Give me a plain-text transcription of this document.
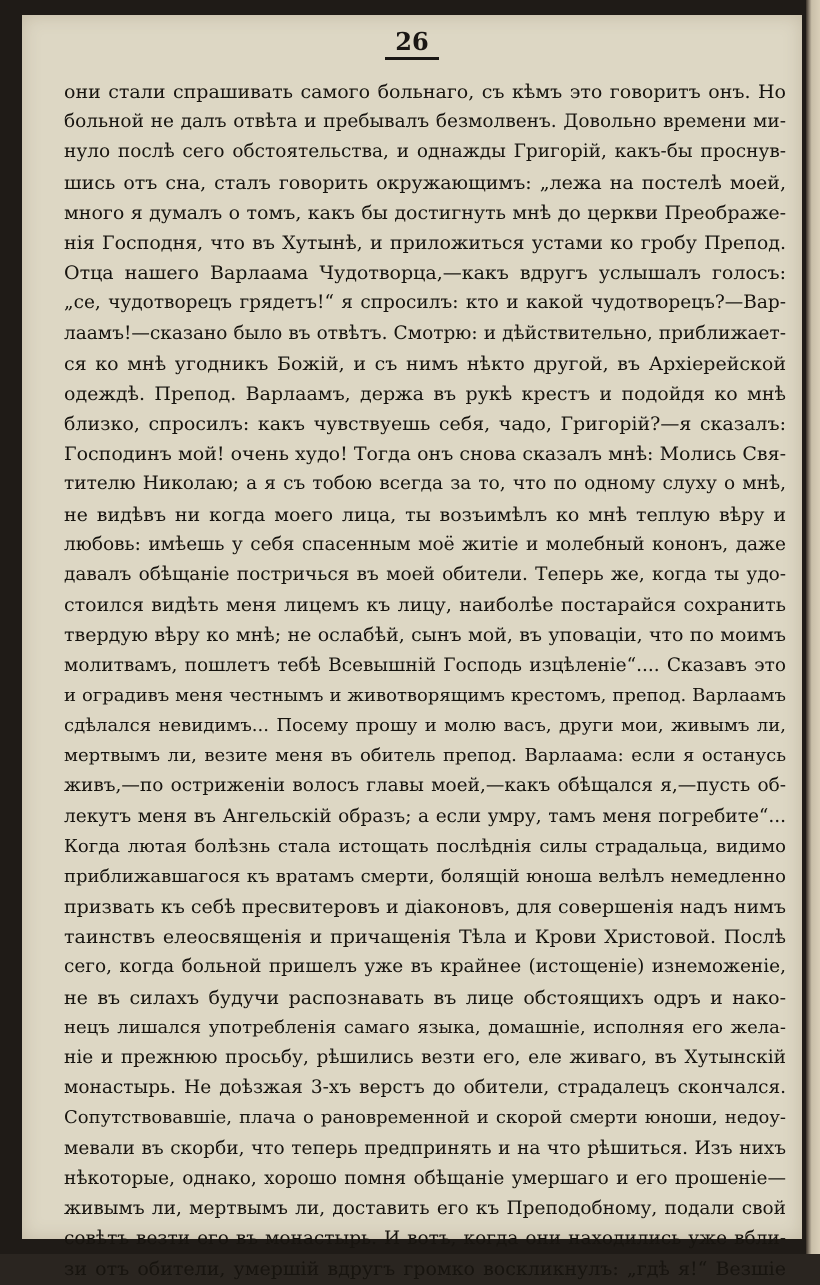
26
они стали спрашивать самого больнаго, съ кѣмъ это говоритъ онъ. Но
больной не далъ отвѣта и пребывалъ безмолвенъ. Довольно времени ми-
нуло послѣ сего обстоятельства, и однажды Григорій, какъ-бы проснув-
шись отъ сна, сталъ говорить окружающимъ: „лежа на постелѣ моей,
много я думалъ о томъ, какъ бы достигнуть мнѣ до церкви Преображе-
нія Господня, что въ Хутынѣ, и приложиться устами ко гробу Препод.
Отца нашего Варлаама Чудотворца,—какъ вдругъ услышалъ голосъ:
„се, чудотворецъ грядетъ!“ я спросилъ: кто и какой чудотворецъ?—Вар-
лаамъ!—сказано было въ отвѣтъ. Смотрю: и дѣйствительно, приближает-
ся ко мнѣ угодникъ Божій, и съ нимъ нѣкто другой, въ Архіерейской
одеждѣ. Препод. Варлаамъ, держа въ рукѣ крестъ и подойдя ко мнѣ
близко, спросилъ: какъ чувствуешь себя, чадо, Григорій?—я сказалъ:
Господинъ мой! очень худо! Тогда онъ снова сказалъ мнѣ: Молись Свя-
тителю Николаю; а я съ тобою всегда за то, что по одному слуху о мнѣ,
не видѣвъ ни когда моего лица, ты возъимѣлъ ко мнѣ теплую вѣру и
любовь: имѣешь у себя спасенным моё житіе и молебный кононъ, даже
давалъ обѣщаніе постричься въ моей обители. Теперь же, когда ты удо-
стоился видѣть меня лицемъ къ лицу, наиболѣе постарайся сохранить
твердую вѣру ко мнѣ; не ослабѣй, сынъ мой, въ уповаціи, что по моимъ
молитвамъ, пошлетъ тебѣ Всевышній Господь изцѣленіе“.... Сказавъ это
и оградивъ меня честнымъ и животворящимъ крестомъ, препод. Варлаамъ
сдѣлался невидимъ... Посему прошу и молю васъ, други мои, живымъ ли,
мертвымъ ли, везите меня въ обитель препод. Варлаама: если я останусь
живъ,—по остриженіи волосъ главы моей,—какъ обѣщался я,—пусть об-
лекутъ меня въ Ангельскій образъ; а если умру, тамъ меня погребите“...
Когда лютая болѣзнь стала истощать послѣднія силы страдальца, видимо
приближавшагося къ вратамъ смерти, болящій юноша велѣлъ немедленно
призвать къ себѣ пресвитеровъ и діаконовъ, для совершенія надъ нимъ
таинствъ елеосвященія и причащенія Тѣла и Крови Христовой. Послѣ
сего, когда больной пришелъ уже въ крайнее (истощеніе) изнеможеніе,
не въ силахъ будучи распознавать въ лице обстоящихъ одръ и нако-
нецъ лишался употребленія самаго языка, домашніе, исполняя его жела-
ніе и прежнюю просьбу, рѣшились везти его, еле живаго, въ Хутынскій
монастырь. Не доѣзжая 3-хъ верстъ до обители, страдалецъ скончался.
Сопутствовавшіе, плача о рановременной и скорой смерти юноши, недоу-
мевали въ скорби, что теперь предпринять и на что рѣшиться. Изъ нихъ
нѣкоторые, однако, хорошо помня обѣщаніе умершаго и его прошеніе—
живымъ ли, мертвымъ ли, доставить его къ Преподобному, подали свой
совѣтъ везти его въ монастырь. И вотъ, когда они находились уже вбли-
зи отъ обители, умершій вдругъ громко воскликнулъ: „гдѣ я!“ Везшіе
